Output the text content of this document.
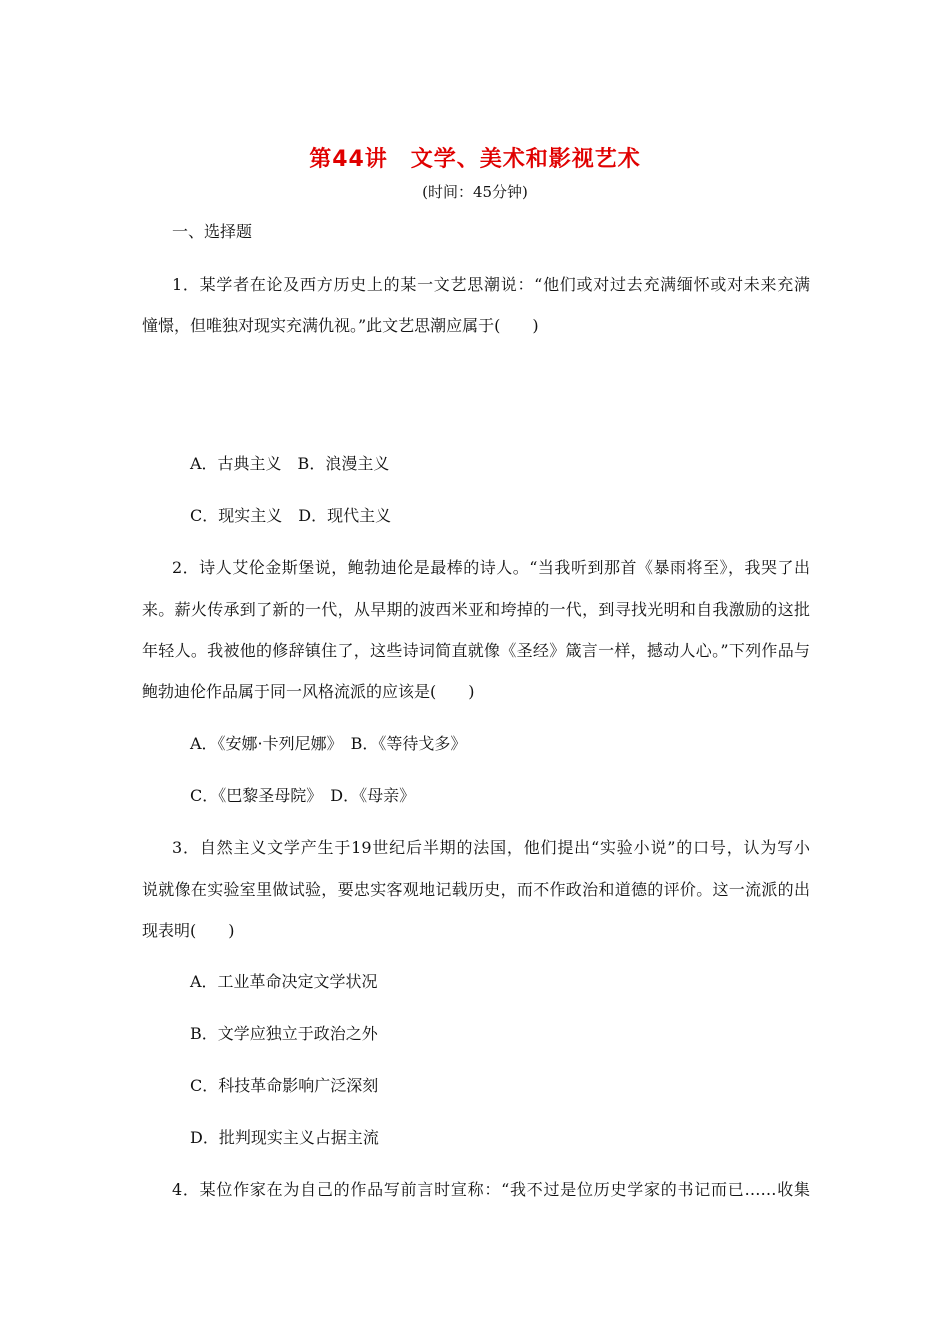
第44讲　文学、美术和影视艺术
(时间：45分钟)
一、选择题
1．某学者在论及西方历史上的某一文艺思潮说：“他们或对过去充满缅怀或对未来充满
憧憬，但唯独对现实充满仇视。”此文艺思潮应属于(　　)
A．古典主义　B．浪漫主义
C．现实主义　D．现代主义
2．诗人艾伦金斯堡说，鲍勃迪伦是最棒的诗人。“当我听到那首《暴雨将至》，我哭了出
来。薪火传承到了新的一代，从早期的波西米亚和垮掉的一代，到寻找光明和自我激励的这批
年轻人。我被他的修辞镇住了，这些诗词简直就像《圣经》箴言一样，撼动人心。”下列作品与
鲍勃迪伦作品属于同一风格流派的应该是(　　)
A．《安娜·卡列尼娜》　B．《等待戈多》
C．《巴黎圣母院》　D．《母亲》
3．自然主义文学产生于19世纪后半期的法国，他们提出“实验小说”的口号，认为写小
说就像在实验室里做试验，要忠实客观地记载历史，而不作政治和道德的评价。这一流派的出
现表明(　　)
A．工业革命决定文学状况
B．文学应独立于政治之外
C．科技革命影响广泛深刻
D．批判现实主义占据主流
4．某位作家在为自己的作品写前言时宣称：“我不过是位历史学家的书记而已……收集
